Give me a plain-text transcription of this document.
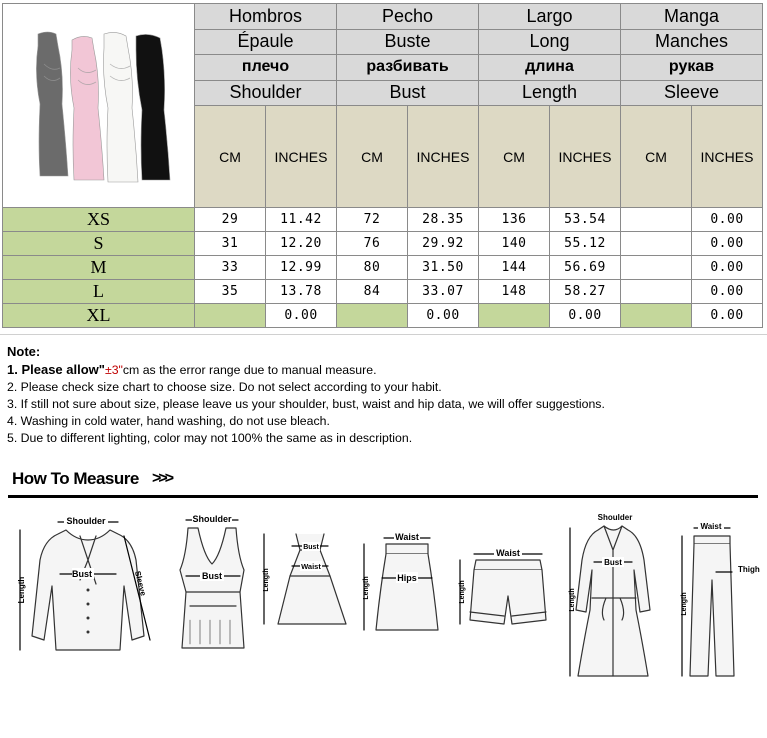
	Hombros		Pecho		Largo		Manga	
	Épaule		Buste		Long		Manches	
	плечо		разбивать		длина		рукав	
	Shoulder		Bust		Length		Sleeve	
	CM	INCHES	CM	INCHES	CM	INCHES	CM	INCHES
XS	29	11.42	72	28.35	136	53.54		0.00
S	31	12.20	76	29.92	140	55.12		0.00
M	33	12.99	80	31.50	144	56.69		0.00
L	35	13.78	84	33.07	148	58.27		0.00
XL		0.00		0.00		0.00		0.00
Note:
1. Please allow"±3"cm as the error range due to manual measure.
2. Please check size chart to choose size. Do not select according to your habit.
3. If still not sure about size, please leave us your shoulder, bust, waist and hip data, we will offer suggestions.
4. Washing in cold water, hand washing, do not use bleach.
5. Due to different lighting, color may not 100% the same as in description.
How To Measure >>>
Shoulder
Bust
Length	Sleeve
Shoulder
Bust
Bust
Waist
Length
Waist
Hips
Length
Waist
Length
Shoulder
Bust
Length
Waist
Thigh
Length
